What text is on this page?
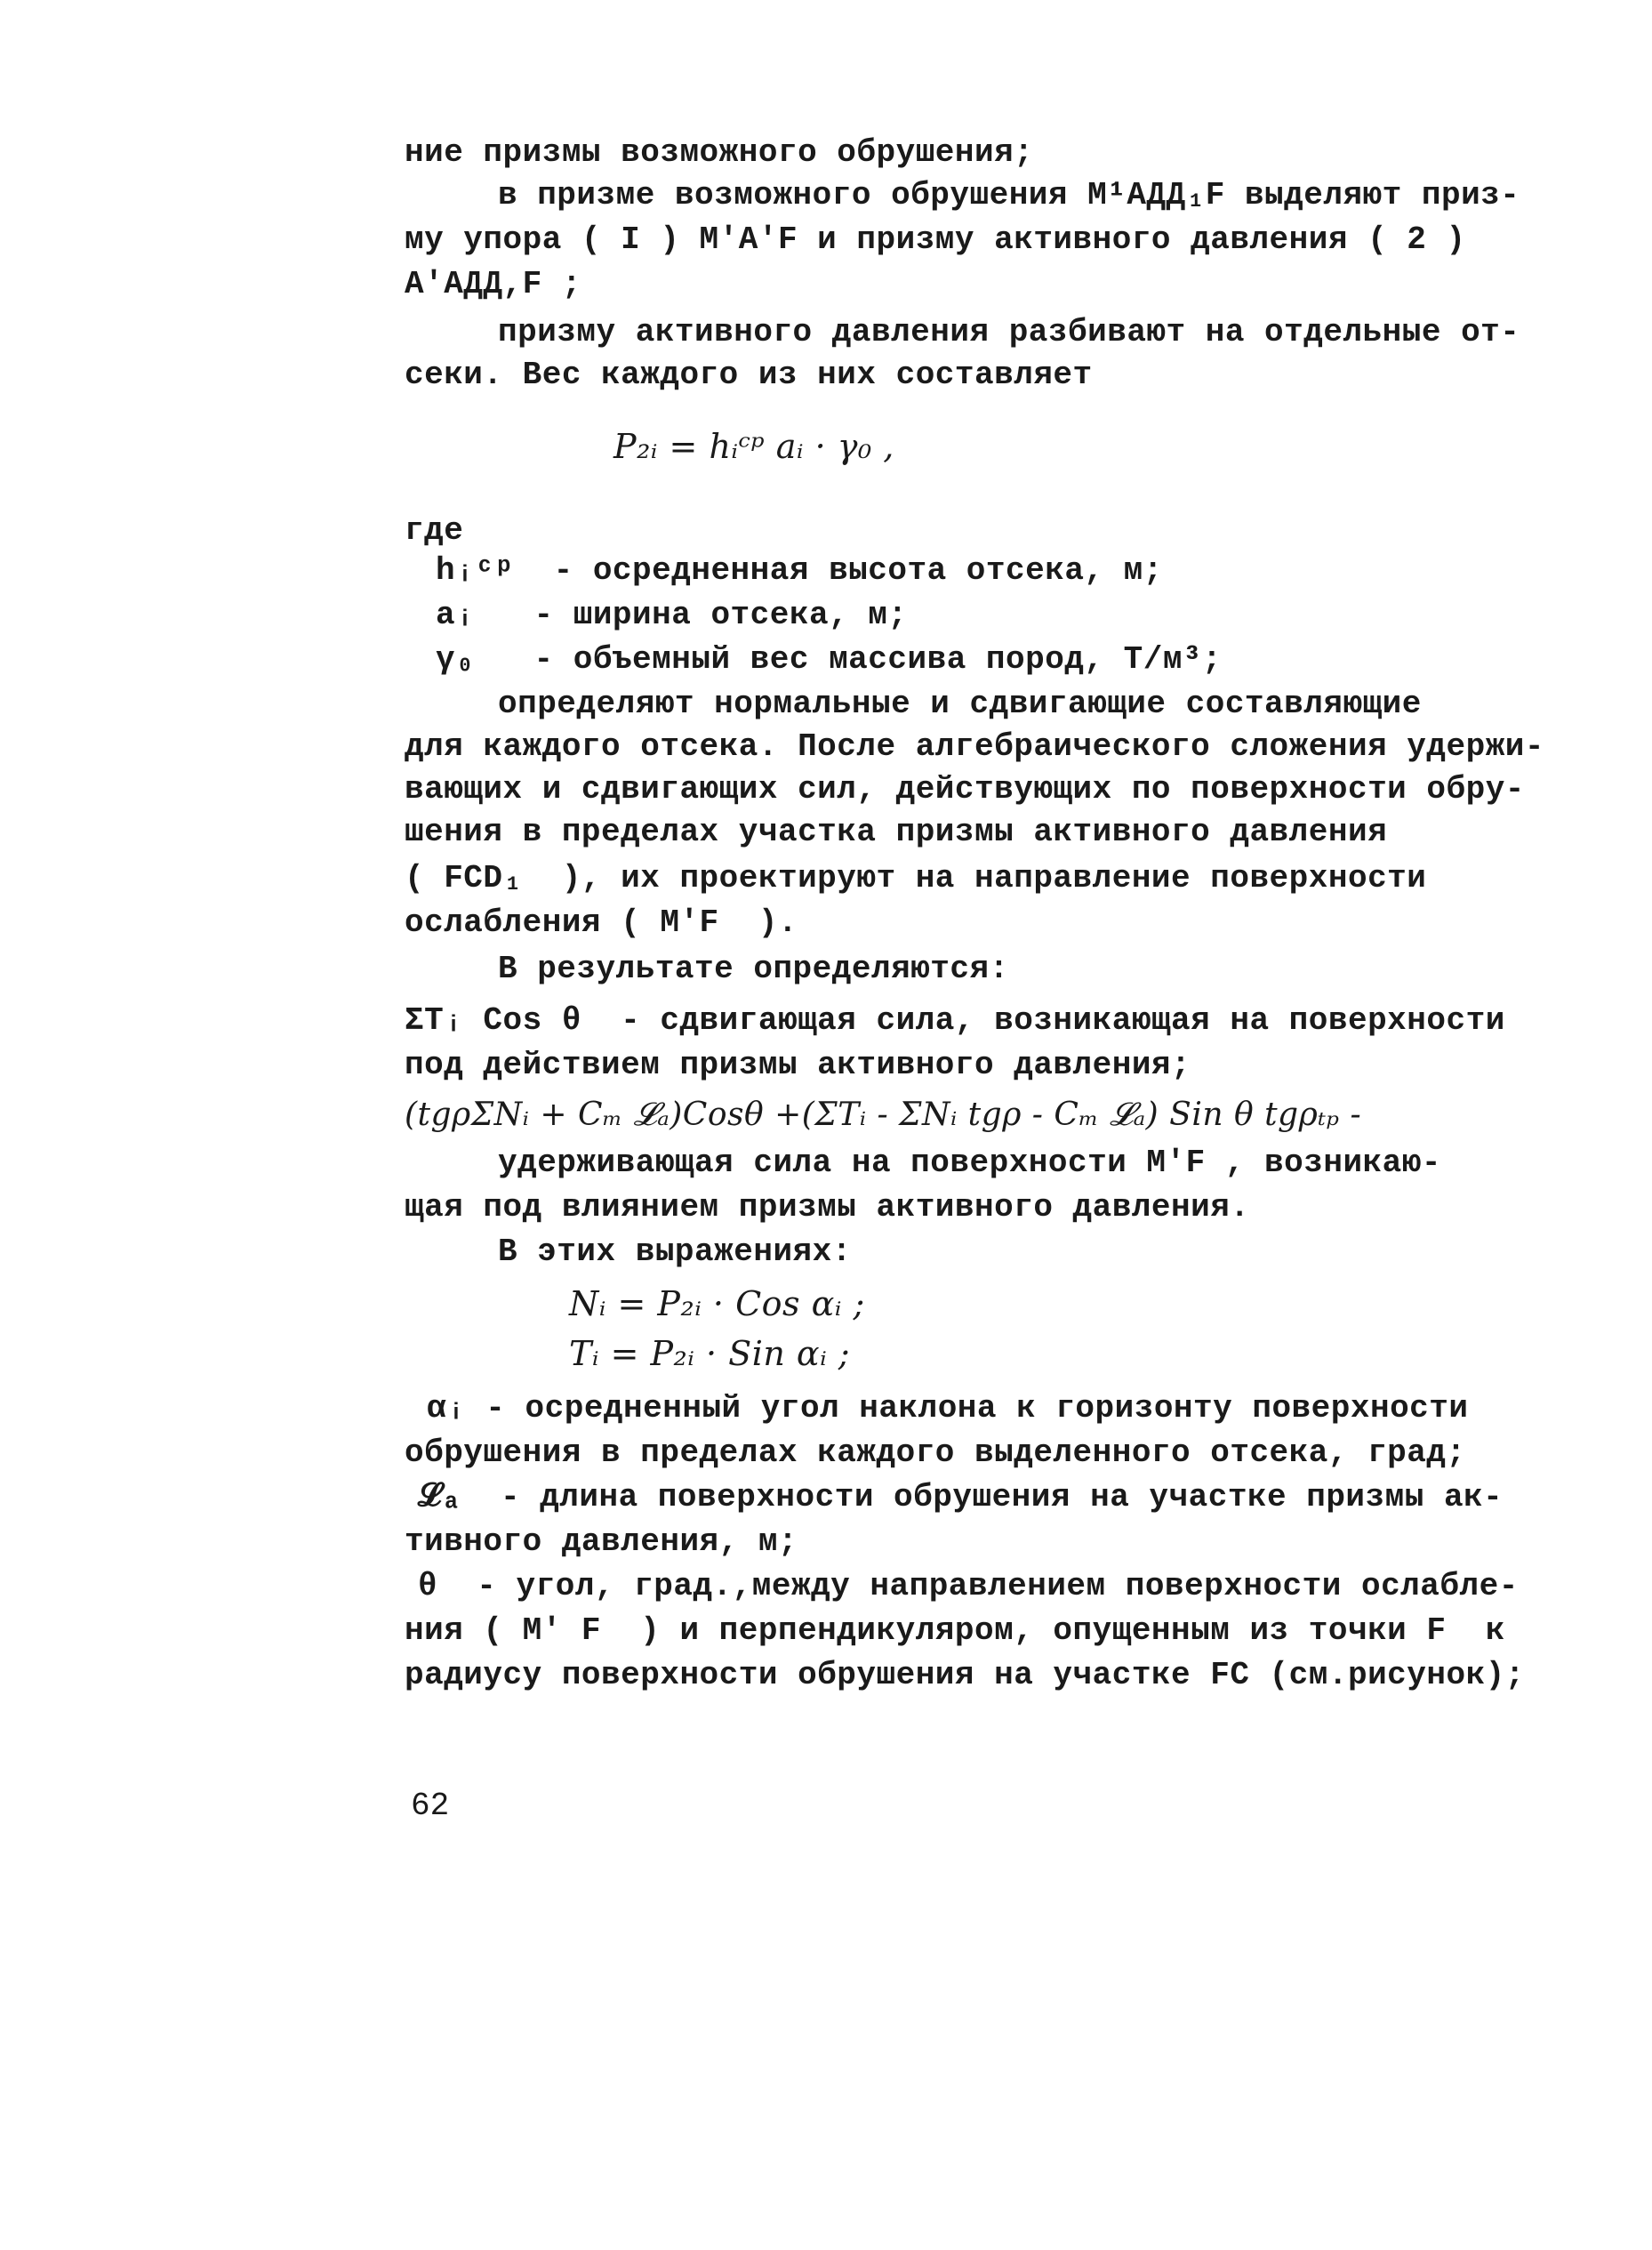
ние призмы возможного обрушения;
в призме возможного обрушения M¹АДД₁F выделяют приз-
му упора ( I ) M'A'F и призму активного давления ( 2 )
A'АДД,F ;
призму активного давления разбивают на отдельные от-
секи. Вес каждого из них составляет
P₂ᵢ = hᵢᶜᵖ aᵢ · γ₀ ,
где
hᵢᶜᵖ  - осредненная высота отсека, м;
aᵢ   - ширина отсека, м;
γ₀   - объемный вес массива пород, Т/м³;
определяют нормальные и сдвигающие составляющие
для каждого отсека. После алгебраического сложения удержи-
вающих и сдвигающих сил, действующих по поверхности обру-
шения в пределах участка призмы активного давления
( FCD₁  ), их проектируют на направление поверхности
ослабления ( M'F  ).
В результате определяются:
ΣTᵢ Cos θ  - сдвигающая сила, возникающая на поверхности
под действием призмы активного давления;
(tgρΣNᵢ + Cₘ 𝓛ₐ)Cosθ +(ΣTᵢ - ΣNᵢ tgρ - Cₘ 𝓛ₐ) Sin θ tgρₜₚ -
удерживающая сила на поверхности M'F , возникаю-
щая под влиянием призмы активного давления.
В этих выражениях:
Nᵢ = P₂ᵢ · Cos αᵢ ;
Tᵢ = P₂ᵢ · Sin αᵢ ;
αᵢ - осредненный угол наклона к горизонту поверхности
обрушения в пределах каждого выделенного отсека, град;
𝓛ₐ  - длина поверхности обрушения на участке призмы ак-
тивного давления, м;
θ  - угол, град.,между направлением поверхности ослабле-
ния ( M' F  ) и перпендикуляром, опущенным из точки F  к
радиусу поверхности обрушения на участке FC (см.рисунок);
62
